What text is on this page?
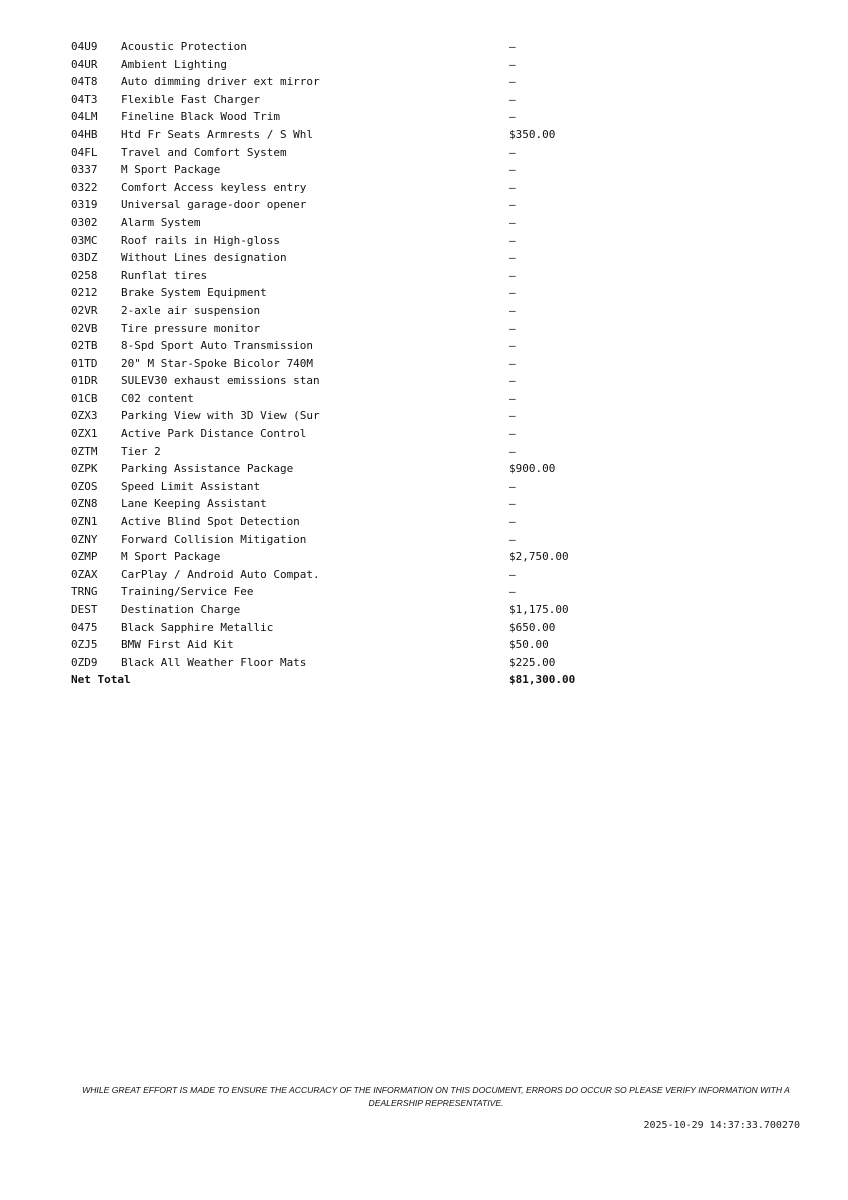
04U9	Acoustic Protection	—
04UR	Ambient Lighting	—
04T8	Auto dimming driver ext mirror	—
04T3	Flexible Fast Charger	—
04LM	Fineline Black Wood Trim	—
04HB	Htd Fr Seats Armrests / S Whl	$350.00
04FL	Travel and Comfort System	—
0337	M Sport Package	—
0322	Comfort Access keyless entry	—
0319	Universal garage-door opener	—
0302	Alarm System	—
03MC	Roof rails in High-gloss	—
03DZ	Without Lines designation	—
0258	Runflat tires	—
0212	Brake System Equipment	—
02VR	2-axle air suspension	—
02VB	Tire pressure monitor	—
02TB	8-Spd Sport Auto Transmission	—
01TD	20" M Star-Spoke Bicolor 740M	—
01DR	SULEV30 exhaust emissions stan	—
01CB	C02 content	—
0ZX3	Parking View with 3D View (Sur	—
0ZX1	Active Park Distance Control	—
0ZTM	Tier 2	—
0ZPK	Parking Assistance Package	$900.00
0ZOS	Speed Limit Assistant	—
0ZN8	Lane Keeping Assistant	—
0ZN1	Active Blind Spot Detection	—
0ZNY	Forward Collision Mitigation	—
0ZMP	M Sport Package	$2,750.00
0ZAX	CarPlay / Android Auto Compat.	—
TRNG	Training/Service Fee	—
DEST	Destination Charge	$1,175.00
0475	Black Sapphire Metallic	$650.00
0ZJ5	BMW First Aid Kit	$50.00
0ZD9	Black All Weather Floor Mats	$225.00
Net Total	$81,300.00
WHILE GREAT EFFORT IS MADE TO ENSURE THE ACCURACY OF THE INFORMATION ON THIS DOCUMENT, ERRORS DO OCCUR SO PLEASE VERIFY INFORMATION WITH A DEALERSHIP REPRESENTATIVE.
2025-10-29 14:37:33.700270
